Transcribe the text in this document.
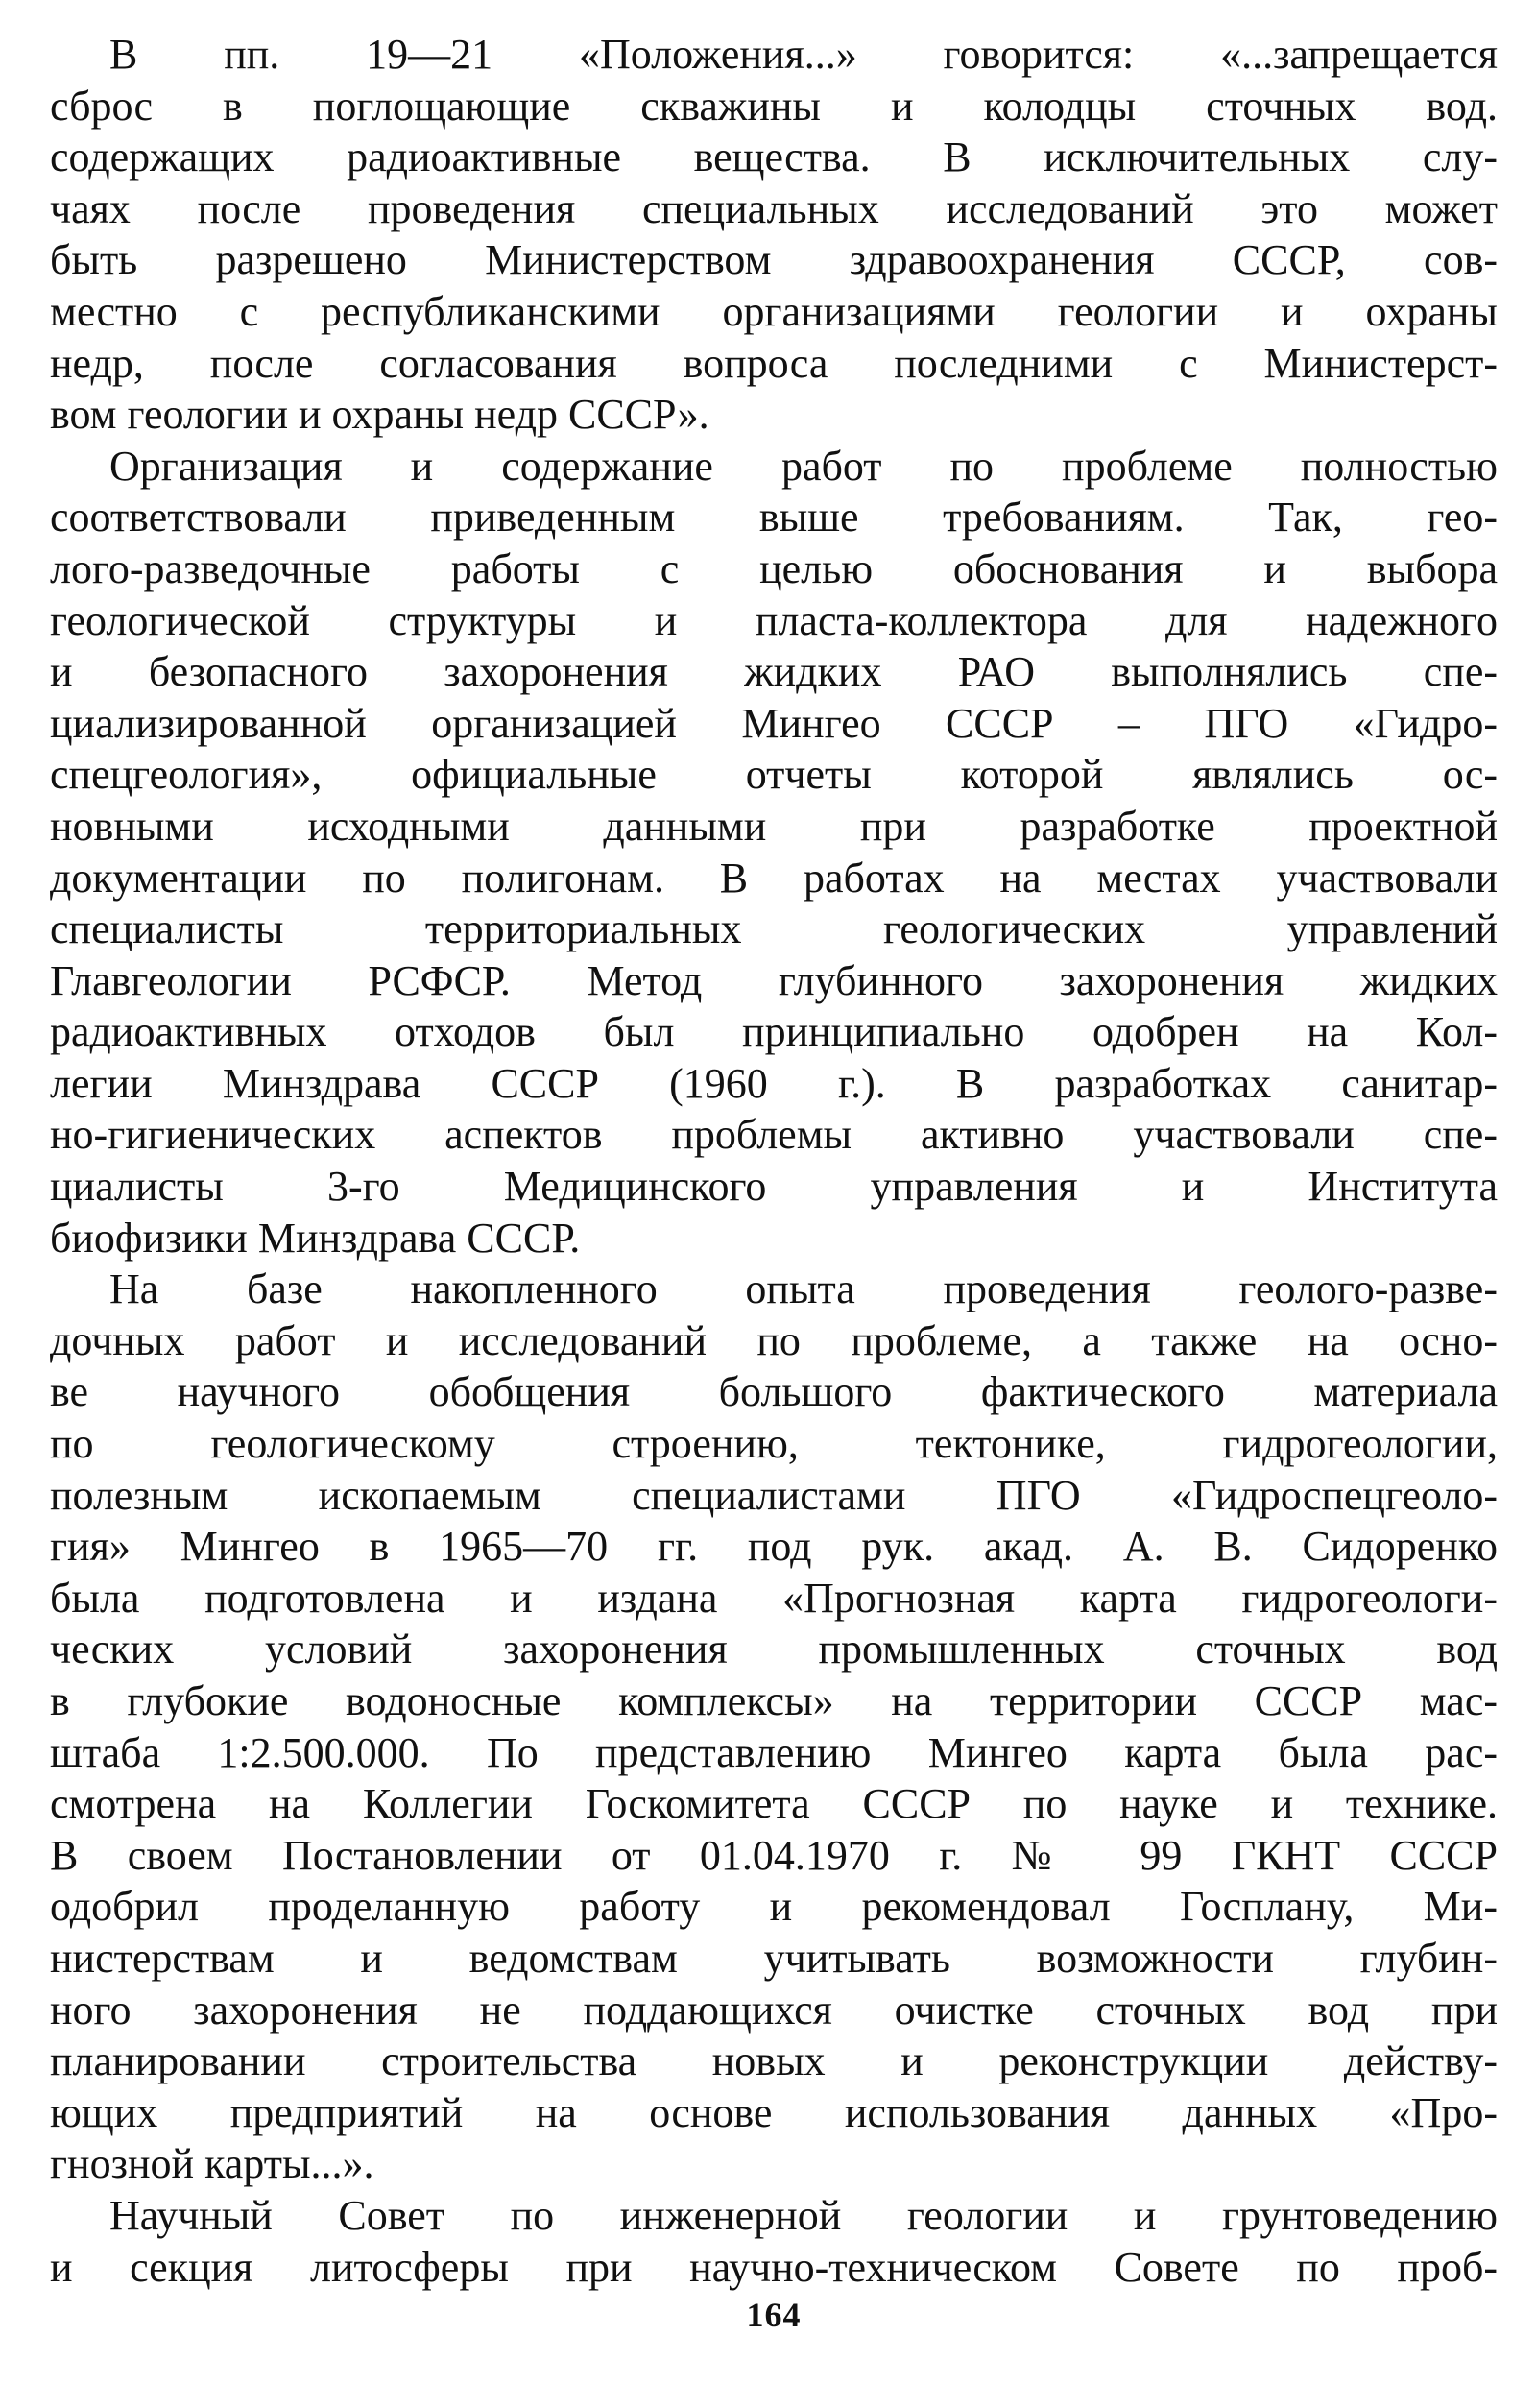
В пп. 19—21 «Положения...» говорится: «...запрещается
сброс в поглощающие скважины и колодцы сточных вод.
содержащих радиоактивные вещества. В исключительных слу-
чаях после проведения специальных исследований это может
быть разрешено Министерством здравоохранения СССР, сов-
местно с республиканскими организациями геологии и охраны
недр, после согласования вопроса последними с Министерст-
вом геологии и охраны недр СССР».
Организация и содержание работ по проблеме полностью
соответствовали приведенным выше требованиям. Так, гео-
лого-разведочные работы с целью обоснования и выбора
геологической структуры и пласта-коллектора для надежного
и безопасного захоронения жидких РАО выполнялись спе-
циализированной организацией Мингео СССР – ПГО «Гидро-
спецгеология», официальные отчеты которой являлись ос-
новными исходными данными при разработке проектной
документации по полигонам. В работах на местах участвовали
специалисты территориальных геологических управлений
Главгеологии РСФСР. Метод глубинного захоронения жидких
радиоактивных отходов был принципиально одобрен на Кол-
легии Минздрава СССР (1960 г.). В разработках санитар-
но-гигиенических аспектов проблемы активно участвовали спе-
циалисты 3-го Медицинского управления и Института
биофизики Минздрава СССР.
На базе накопленного опыта проведения геолого-разве-
дочных работ и исследований по проблеме, а также на осно-
ве научного обобщения большого фактического материала
по геологическому строению, тектонике, гидрогеологии,
полезным ископаемым специалистами ПГО «Гидроспецгеоло-
гия» Мингео в 1965—70 гг. под рук. акад. А. В. Сидоренко
была подготовлена и издана «Прогнозная карта гидрогеологи-
ческих условий захоронения промышленных сточных вод
в глубокие водоносные комплексы» на территории СССР мас-
штаба 1:2.500.000. По представлению Мингео карта была рас-
смотрена на Коллегии Госкомитета СССР по науке и технике.
В своем Постановлении от 01.04.1970 г. № 99 ГКНТ СССР
одобрил проделанную работу и рекомендовал Госплану, Ми-
нистерствам и ведомствам учитывать возможности глубин-
ного захоронения не поддающихся очистке сточных вод при
планировании строительства новых и реконструкции действу-
ющих предприятий на основе использования данных «Про-
гнозной карты...».
Научный Совет по инженерной геологии и грунтоведению
и секция литосферы при научно-техническом Совете по проб-
164
